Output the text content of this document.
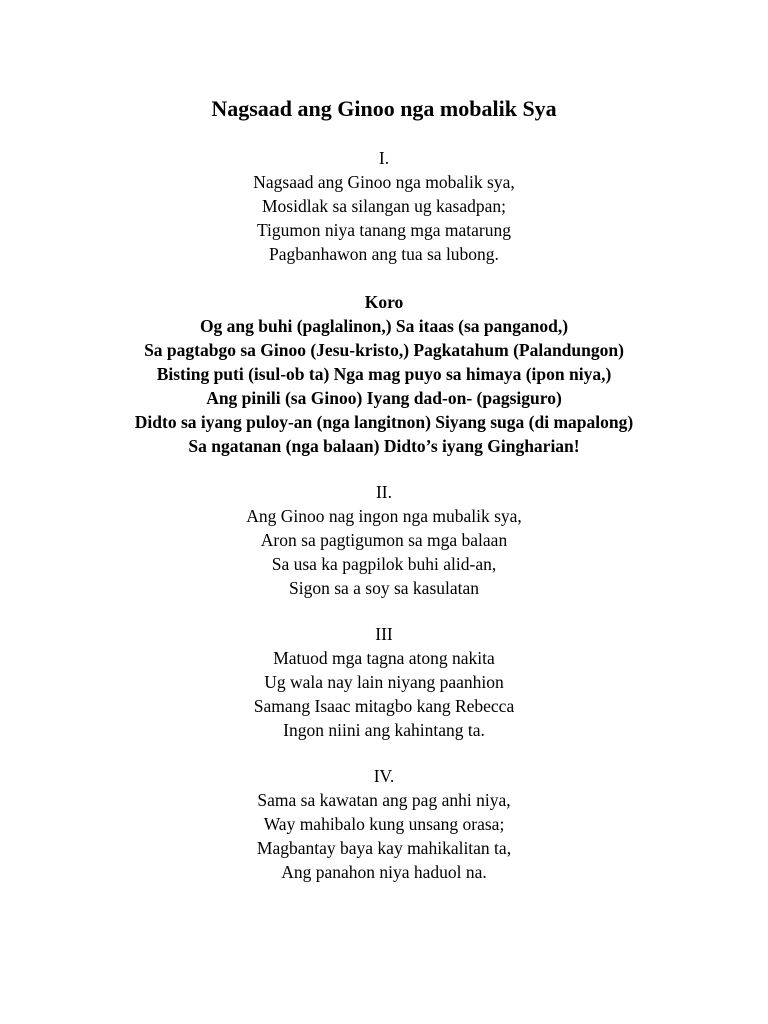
Nagsaad ang Ginoo nga mobalik Sya
I.
Nagsaad ang Ginoo nga mobalik sya,
Mosidlak sa silangan ug kasadpan;
Tigumon niya tanang mga matarung
Pagbanhawon ang tua sa lubong.
Koro
Og ang buhi (paglalinon,) Sa itaas (sa panganod,)
Sa pagtabgo sa Ginoo (Jesu-kristo,) Pagkatahum (Palandungon)
Bisting puti (isul-ob ta) Nga mag puyo sa himaya (ipon niya,)
Ang pinili (sa Ginoo) Iyang dad-on- (pagsiguro)
Didto sa iyang puloy-an (nga langitnon) Siyang suga (di mapalong)
Sa ngatanan (nga balaan) Didto’s iyang Gingharian!
II.
Ang Ginoo nag ingon nga mubalik sya,
Aron sa pagtigumon sa mga balaan
Sa usa ka pagpilok buhi alid-an,
Sigon sa a soy sa kasulatan
III
Matuod mga tagna atong nakita
Ug wala nay lain niyang paanhion
Samang Isaac mitagbo kang Rebecca
Ingon niini ang kahintang ta.
IV.
Sama sa kawatan ang pag anhi niya,
Way mahibalo kung unsang orasa;
Magbantay baya kay mahikalitan ta,
Ang panahon niya haduol na.
